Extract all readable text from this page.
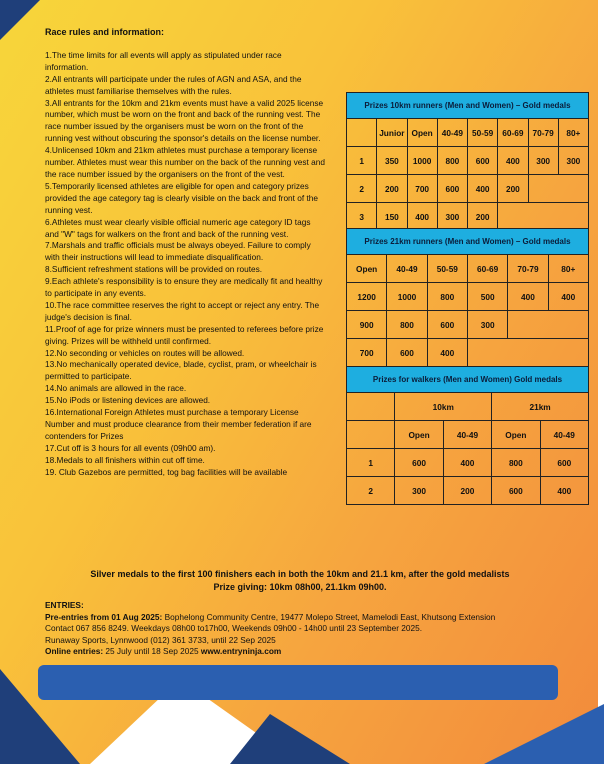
Race rules and information:
1.The time limits for all events will apply as stipulated under race information.
2.All entrants will participate under the rules of AGN and ASA, and the athletes must familiarise themselves with the rules.
3.All entrants for the 10km and 21km events must have a valid 2025 license number, which must be worn on the front and back of the running vest. The race number issued by the organisers must be worn on the front of the running vest without obscuring the sponsor's details on the license number.
4.Unlicensed 10km and 21km athletes must purchase a temporary license number. Athletes must wear this number on the back of the running vest and the race number issued by the organisers on the front of the vest.
5.Temporarily licensed athletes are eligible for open and category prizes provided the age category tag is clearly visible on the back and front of the running vest.
6.Athletes must wear clearly visible official numeric age category ID tags and "W" tags for walkers on the front and back of the running vest.
7.Marshals and traffic officials must be always obeyed. Failure to comply with their instructions will lead to immediate disqualification.
8.Sufficient refreshment stations will be provided on routes.
9.Each athlete's responsibility is to ensure they are medically fit and healthy to participate in any events.
10.The race committee reserves the right to accept or reject any entry. The judge's decision is final.
11.Proof of age for prize winners must be presented to referees before prize giving. Prizes will be withheld until confirmed.
12.No seconding or vehicles on routes will be allowed.
13.No mechanically operated device, blade, cyclist, pram, or wheelchair is permitted to participate.
14.No animals are allowed in the race.
15.No iPods or listening devices are allowed.
16.International Foreign Athletes must purchase a temporary License Number and must produce clearance from their member federation if are contenders for Prizes
17.Cut off is 3 hours for all events (09h00 am).
18.Medals to all finishers within cut off time.
19. Club Gazebos are permitted, tog bag facilities will be available
Prizes 10km runners (Men and Women) – Gold medals							
	Junior	Open	40-49	50-59	60-69	70-79	80+
1	350	1000	800	600	400	300	300
2	200	700	600	400	200		
3	150	400	300	200			
Prizes 21km runners (Men and Women) – Gold medals					
Open	40-49	50-59	60-69	70-79	80+
1200	1000	800	500	400	400
900	800	600	300		
700	600	400			
Prizes for walkers (Men and Women) Gold medals				
	10km		21km	
	Open	40-49	Open	40-49
1	600	400	800	600
2	300	200	600	400
Silver medals to the first 100 finishers each in both the 10km and 21.1 km, after the gold medalists
Prize giving: 10km 08h00, 21.1km 09h00.
ENTRIES:
Pre-entries from 01 Aug 2025: Bophelong Community Centre, 19477 Molepo Street, Mamelodi East, Khutsong Extension
Contact 067 856 8249. Weekdays 08h00 to17h00, Weekends 09h00 - 14h00 until 23 September 2025.
Runaway Sports, Lynnwood (012) 361 3733, until 22 Sep 2025
Online entries: 25 July until 18 Sep 2025 www.entryninja.com
